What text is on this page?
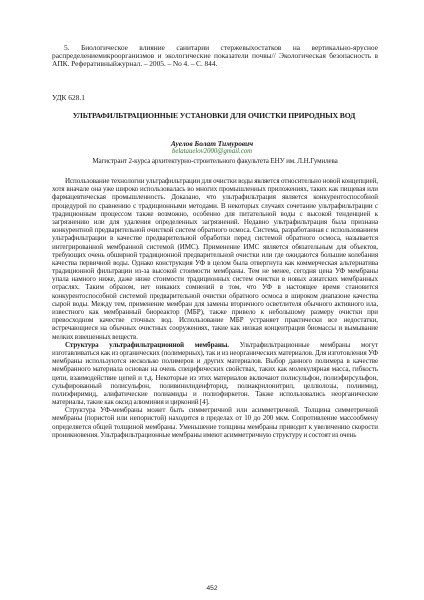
5. Биологическое влияние санитарии стержевыхостатков на вертикально-ярусное распределениемикроорганизмов и экологические показатели почвы// Экологическая безопасность в АПК. Реферативныйжурнал. – 2005. – No 4. – С. 844.

УДК 628.1
УЛЬТРАФИЛЬТРАЦИОННЫЕ УСТАНОВКИ ДЛЯ ОЧИСТКИ ПРИРОДНЫХ ВОД
Ауелов Болат Тимурович
belatauelov2000@gmail.com
Магистрант 2-курса архитектурно-строительного факультета ЕНУ им. Л.Н.Гумилева

Использование технологии ультрафильтрации для очистки воды является относительно новой концепцией, хотя вначале она уже широко использовалась во многих промышленных приложениях, таких как пищевая или фармацевтическая промышленность. Доказано, что ультрафильтрация является конкурентоспособной процедурой по сравнению с традиционными методами. В некоторых случаях сочетание ультрафильтрации с традиционным процессом также возможно, особенно для питательной воды с высокой тенденцией к загрязнению или для удаления определенных загрязнений. Недавно ультрафильтрация была признана конкурентной предварительной очисткой систем обратного осмоса. Система, разработанная с использованием ультрафильтрации в качестве предварительной обработки перед системой обратного осмоса, называется интегрированной мембранной системой (ИМС). Применение ИМС является обязательным для объектов, требующих очень обширной традиционной предварительной очистки или где ожидаются большие колебания качества первичной воды. Однако конструкция УФ в целом была отвергнута как коммерческая альтернатива традиционной фильтрации из-за высокой стоимости мембраны. Тем не менее, сегодня цена УФ мембраны упала намного ниже, даже ниже стоимости традиционных систем очистки в новых азиатских мембранных отраслях. Таким образом, нет никаких сомнений в том, что УФ в настоящее время становится конкурентоспособной системой предварительной очистки обратного осмоса в широком диапазоне качества сырой воды. Между тем, применение мембран для замены вторичного осветлителя обычного активного ила, известного как мембранный биореактор (МБР), также привело к небольшому размеру очистки при превосходном качестве сточных вод. Использование МБР устраняет практически все недостатки, встречающиеся на обычных очистных сооружениях, такие как низкая концентрация биомассы и вымывание мелких взвешенных веществ.

Структура ультрафильтрационной мембраны. Ультрафильтрационные мембраны могут изготавливаться как из органических (полимерных), так и из неорганических материалов. Для изготовления УФ мембраны используются несколько полимеров и других материалов. Выбор данного полимера в качестве мембранного материала основан на очень специфических свойствах, таких как молекулярная масса, гибкость цепи, взаимодействие цепей и т.д. Некоторые из этих материалов включают полисульфон, полиэфирсульфон, сульфированный полисульфон, поливинилиденфторид, полиакрилонитрил, целлюлозы, полиимид, полиэфиримид, алифатические полиамиды и полиэфиркетон. Также использовались неорганические материалы, такие как оксид алюминия и цирконий [4].

Структура УФ-мембраны может быть симметричной или асимметричной. Толщина симметричной мембраны (пористой или непористой) находится в пределах от 10 до 200 мкм. Сопротивление массообмену определяется общей толщиной мембраны. Уменьшение толщины мембраны приводит к увеличению скорости проникновения. Ультрафильтрационные мембраны имеют асимметричную структуру и состоят из очень

452
